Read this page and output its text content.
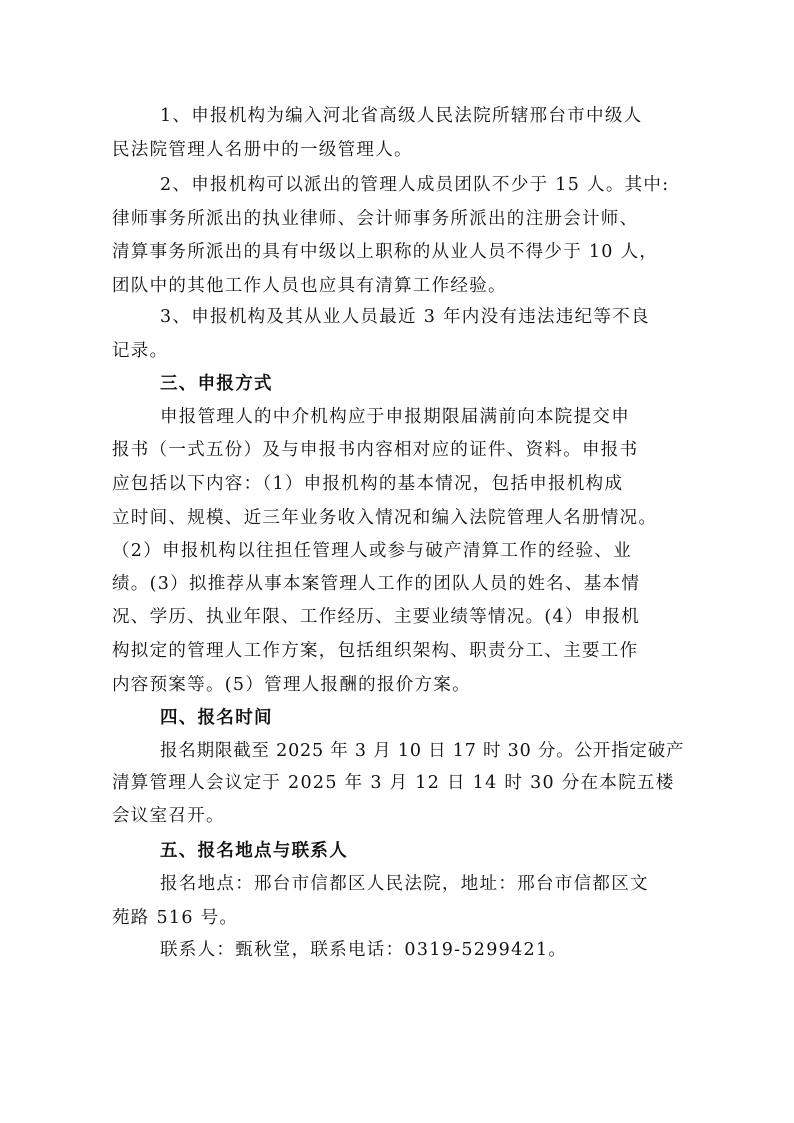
1、申报机构为编入河北省高级人民法院所辖邢台市中级人
民法院管理人名册中的一级管理人。
2、申报机构可以派出的管理人成员团队不少于 15 人。其中:
律师事务所派出的执业律师、会计师事务所派出的注册会计师、
清算事务所派出的具有中级以上职称的从业人员不得少于 10 人，
团队中的其他工作人员也应具有清算工作经验。
3、申报机构及其从业人员最近 3 年内没有违法违纪等不良
记录。
三、申报方式
申报管理人的中介机构应于申报期限届满前向本院提交申
报书（一式五份）及与申报书内容相对应的证件、资料。申报书
应包括以下内容：（1）申报机构的基本情况，包括申报机构成
立时间、规模、近三年业务收入情况和编入法院管理人名册情况。
（2）申报机构以往担任管理人或参与破产清算工作的经验、业
绩。(3）拟推荐从事本案管理人工作的团队人员的姓名、基本情
况、学历、执业年限、工作经历、主要业绩等情况。(4）申报机
构拟定的管理人工作方案，包括组织架构、职责分工、主要工作
内容预案等。(5）管理人报酬的报价方案。
四、报名时间
报名期限截至 2025 年 3 月 10 日 17 时 30 分。公开指定破产
清算管理人会议定于 2025 年 3 月 12 日 14 时 30 分在本院五楼
会议室召开。
五、报名地点与联系人
报名地点：邢台市信都区人民法院，地址：邢台市信都区文
苑路 516 号。
联系人：甄秋堂，联系电话：0319-5299421。
